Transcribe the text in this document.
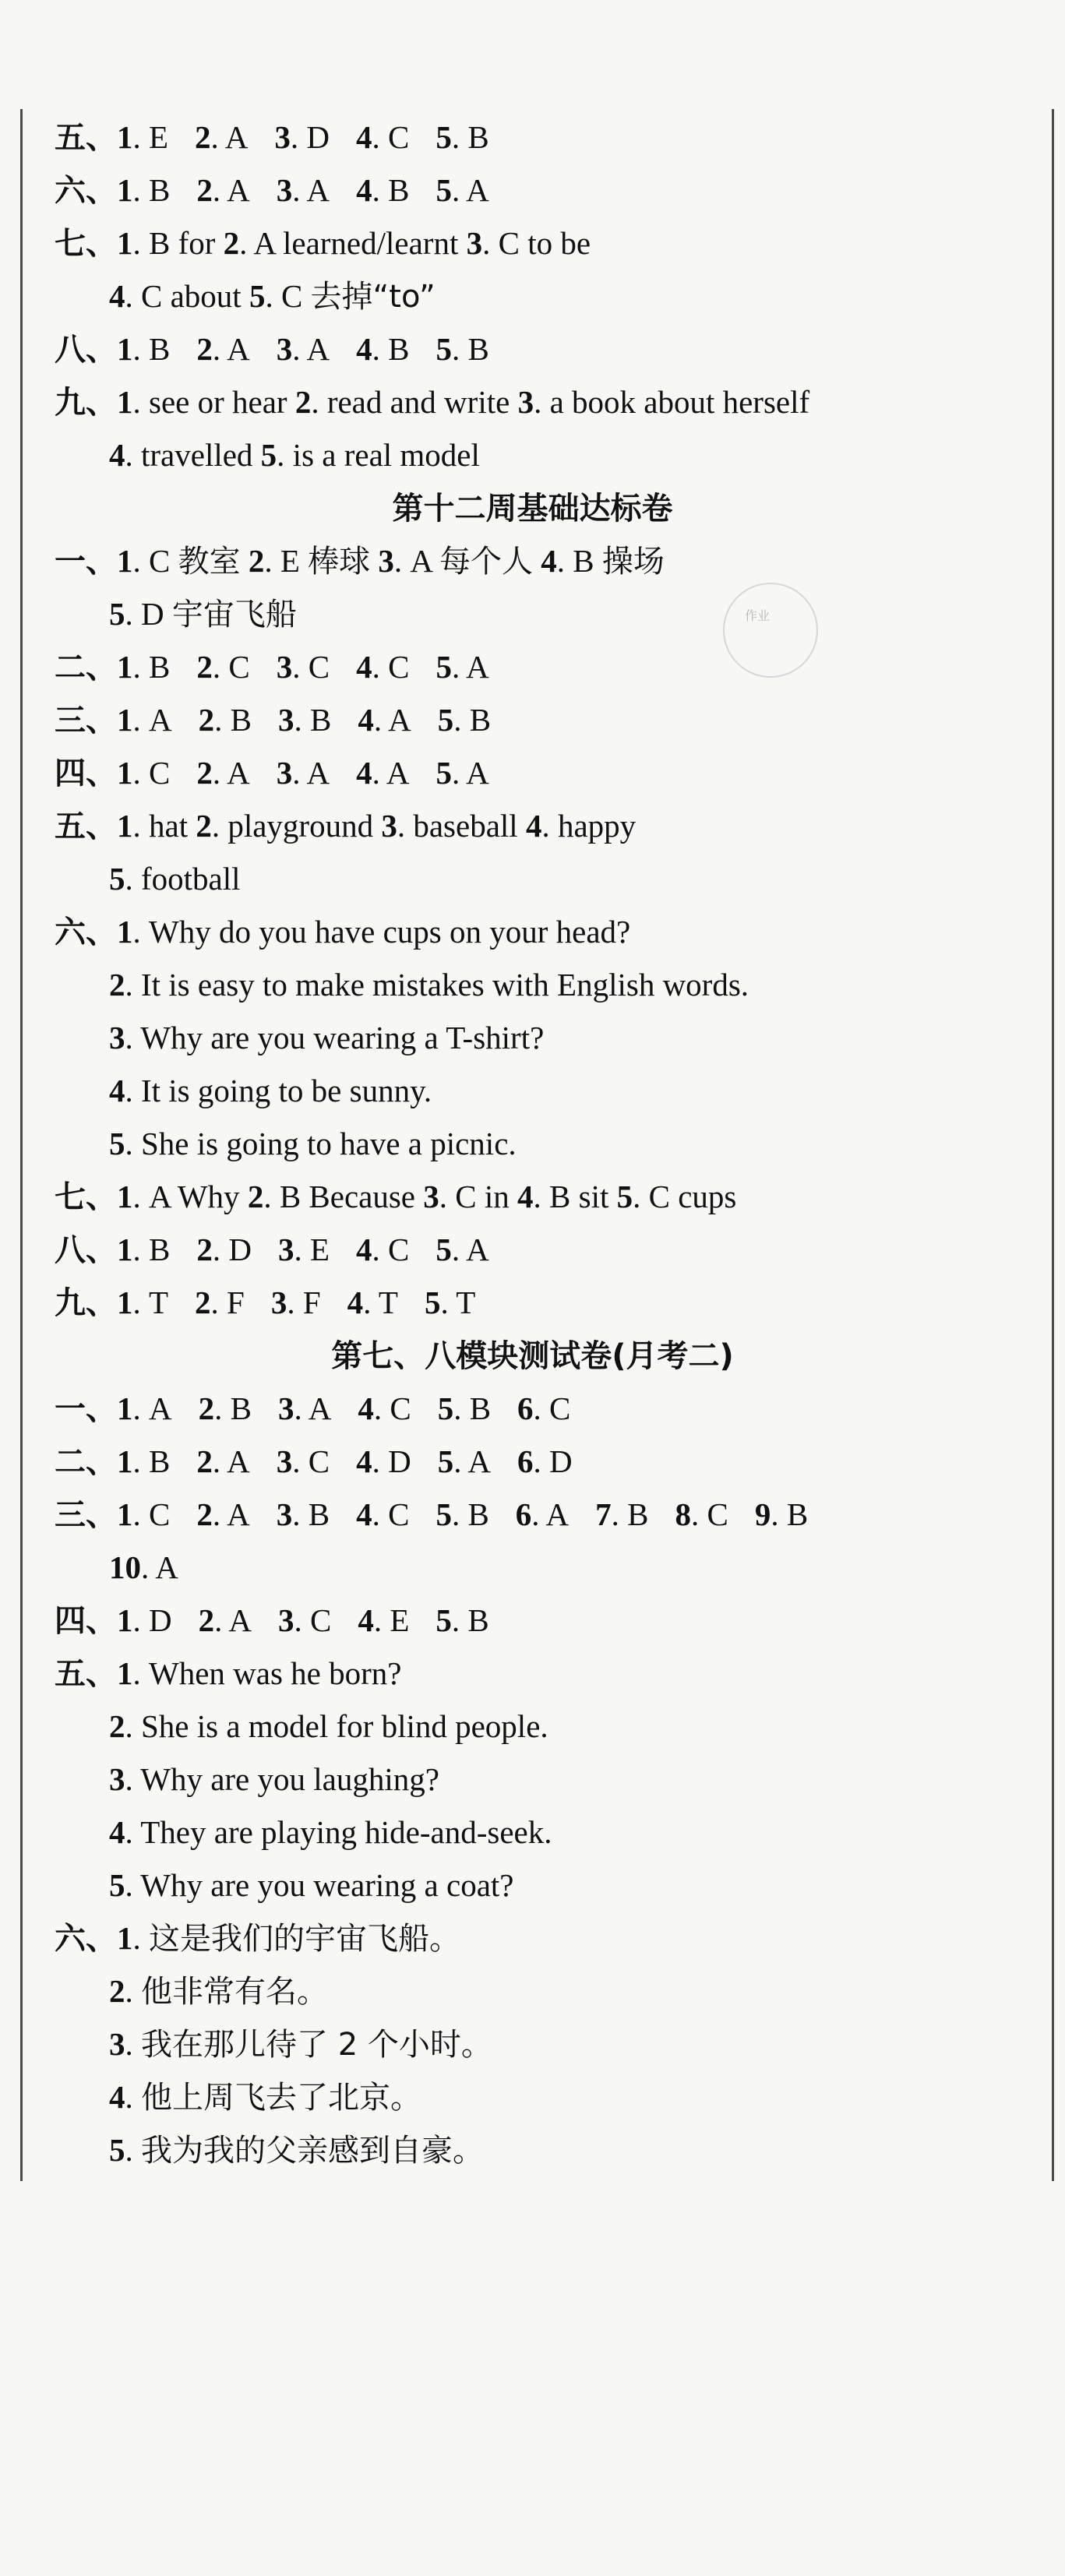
作业
五、1. E 2. A 3. D 4. C 5. B
六、1. B 2. A 3. A 4. B 5. A
七、1. B for 2. A learned/learnt 3. C to be
4. C about 5. C 去掉“to”
八、1. B 2. A 3. A 4. B 5. B
九、1. see or hear 2. read and write 3. a book about herself
4. travelled 5. is a real model
第十二周基础达标卷
一、1. C 教室 2. E 棒球 3. A 每个人 4. B 操场
5. D 宇宙飞船
二、1. B 2. C 3. C 4. C 5. A
三、1. A 2. B 3. B 4. A 5. B
四、1. C 2. A 3. A 4. A 5. A
五、1. hat 2. playground 3. baseball 4. happy
5. football
六、1. Why do you have cups on your head?
2. It is easy to make mistakes with English words.
3. Why are you wearing a T-shirt?
4. It is going to be sunny.
5. She is going to have a picnic.
七、1. A Why 2. B Because 3. C in 4. B sit 5. C cups
八、1. B 2. D 3. E 4. C 5. A
九、1. T 2. F 3. F 4. T 5. T
第七、八模块测试卷(月考二)
一、1. A 2. B 3. A 4. C 5. B 6. C
二、1. B 2. A 3. C 4. D 5. A 6. D
三、1. C 2. A 3. B 4. C 5. B 6. A 7. B 8. C 9. B
10. A
四、1. D 2. A 3. C 4. E 5. B
五、1. When was he born?
2. She is a model for blind people.
3. Why are you laughing?
4. They are playing hide-and-seek.
5. Why are you wearing a coat?
六、1. 这是我们的宇宙飞船。
2. 他非常有名。
3. 我在那儿待了 2 个小时。
4. 他上周飞去了北京。
5. 我为我的父亲感到自豪。
